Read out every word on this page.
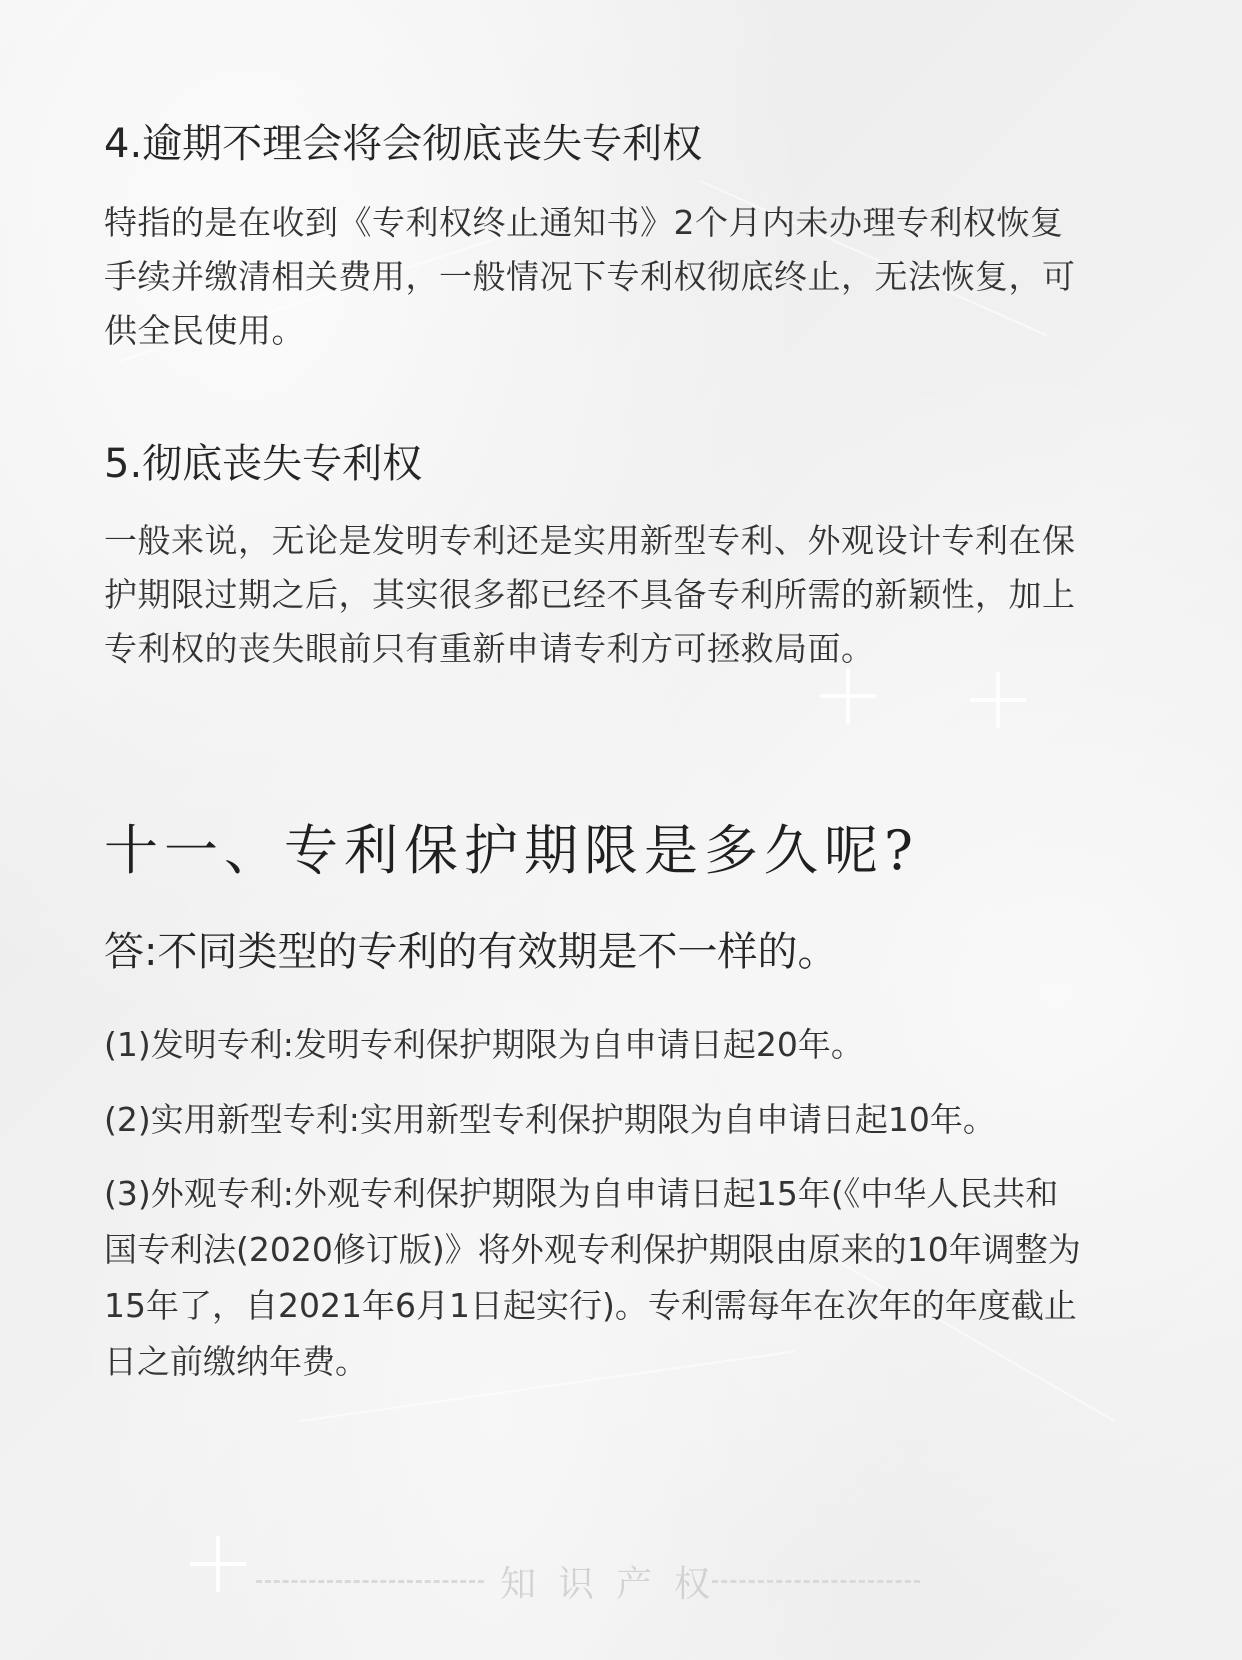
4.逾期不理会将会彻底丧失专利权
特指的是在收到《专利权终止通知书》2个月内未办理专利权恢复
手续并缴清相关费用，一般情况下专利权彻底终止，无法恢复，可
供全民使用。
5.彻底丧失专利权
一般来说，无论是发明专利还是实用新型专利、外观设计专利在保
护期限过期之后，其实很多都已经不具备专利所需的新颖性，加上
专利权的丧失眼前只有重新申请专利方可拯救局面。
十一、专利保护期限是多久呢?
答:不同类型的专利的有效期是不一样的。
(1)发明专利:发明专利保护期限为自申请日起20年。
(2)实用新型专利:实用新型专利保护期限为自申请日起10年。
(3)外观专利:外观专利保护期限为自申请日起15年(《中华人民共和
国专利法(2020修订版)》将外观专利保护期限由原来的10年调整为
15年了，自2021年6月1日起实行)。专利需每年在次年的年度截止
日之前缴纳年费。
知识产权
